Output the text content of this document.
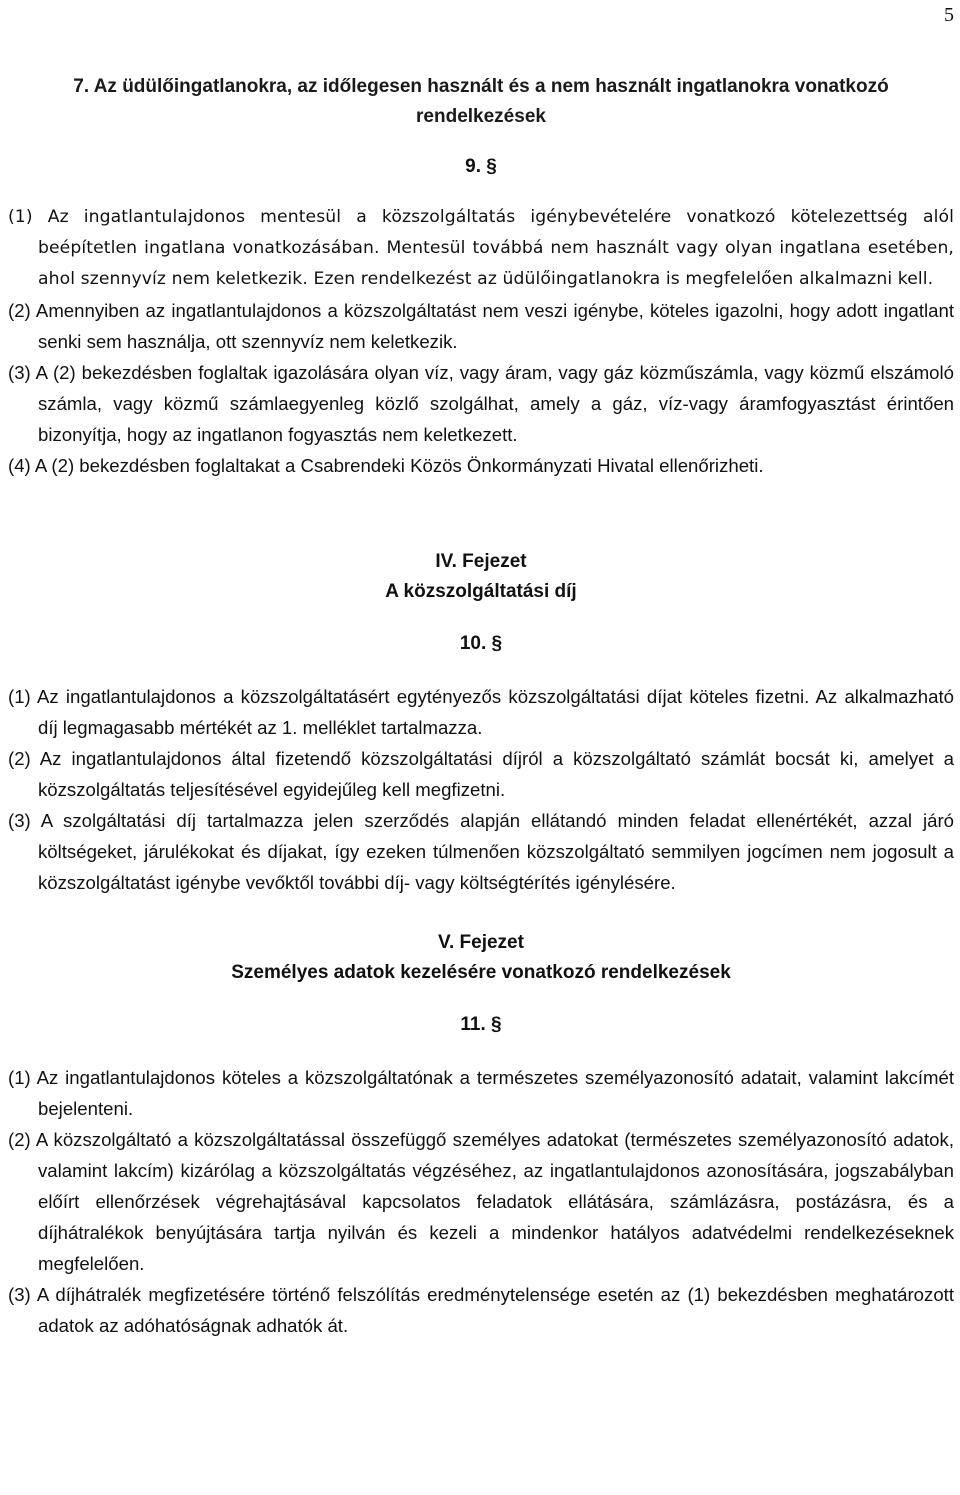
5
7. Az üdülőingatlanokra, az időlegesen használt és a nem használt ingatlanokra vonatkozó rendelkezések
9. §
(1) Az ingatlantulajdonos mentesül a közszolgáltatás igénybevételére vonatkozó kötelezettség alól beépítetlen ingatlana vonatkozásában. Mentesül továbbá nem használt vagy olyan ingatlana esetében, ahol szennyvíz nem keletkezik. Ezen rendelkezést az üdülőingatlanokra is megfelelően alkalmazni kell.
(2) Amennyiben az ingatlantulajdonos a közszolgáltatást nem veszi igénybe, köteles igazolni, hogy adott ingatlant senki sem használja, ott szennyvíz nem keletkezik.
(3) A (2) bekezdésben foglaltak igazolására olyan víz, vagy áram, vagy gáz közműszámla, vagy közmű elszámoló számla, vagy közmű számlaegyenleg közlő szolgálhat, amely a gáz, víz-vagy áramfogyasztást érintően bizonyítja, hogy az ingatlanon fogyasztás nem keletkezett.
(4) A (2) bekezdésben foglaltakat a Csabrendeki Közös Önkormányzati Hivatal ellenőrizheti.
IV. Fejezet
A közszolgáltatási díj
10. §
(1) Az ingatlantulajdonos a közszolgáltatásért egytényezős közszolgáltatási díjat köteles fizetni. Az alkalmazható díj legmagasabb mértékét az 1. melléklet tartalmazza.
(2) Az ingatlantulajdonos által fizetendő közszolgáltatási díjról a közszolgáltató számlát bocsát ki, amelyet a közszolgáltatás teljesítésével egyidejűleg kell megfizetni.
(3) A szolgáltatási díj tartalmazza jelen szerződés alapján ellátandó minden feladat ellenértékét, azzal járó költségeket, járulékokat és díjakat, így ezeken túlmenően közszolgáltató semmilyen jogcímen nem jogosult a közszolgáltatást igénybe vevőktől további díj- vagy költségtérítés igénylésére.
V. Fejezet
Személyes adatok kezelésére vonatkozó rendelkezések
11. §
(1) Az ingatlantulajdonos köteles a közszolgáltatónak a természetes személyazonosító adatait, valamint lakcímét bejelenteni.
(2) A közszolgáltató a közszolgáltatással összefüggő személyes adatokat (természetes személyazonosító adatok, valamint lakcím) kizárólag a közszolgáltatás végzéséhez, az ingatlantulajdonos azonosítására, jogszabályban előírt ellenőrzések végrehajtásával kapcsolatos feladatok ellátására, számlázásra, postázásra, és a díjhátralékok benyújtására tartja nyilván és kezeli a mindenkor hatályos adatvédelmi rendelkezéseknek megfelelően.
(3) A díjhátralék megfizetésére történő felszólítás eredménytelensége esetén az (1) bekezdésben meghatározott adatok az adóhatóságnak adhatók át.
